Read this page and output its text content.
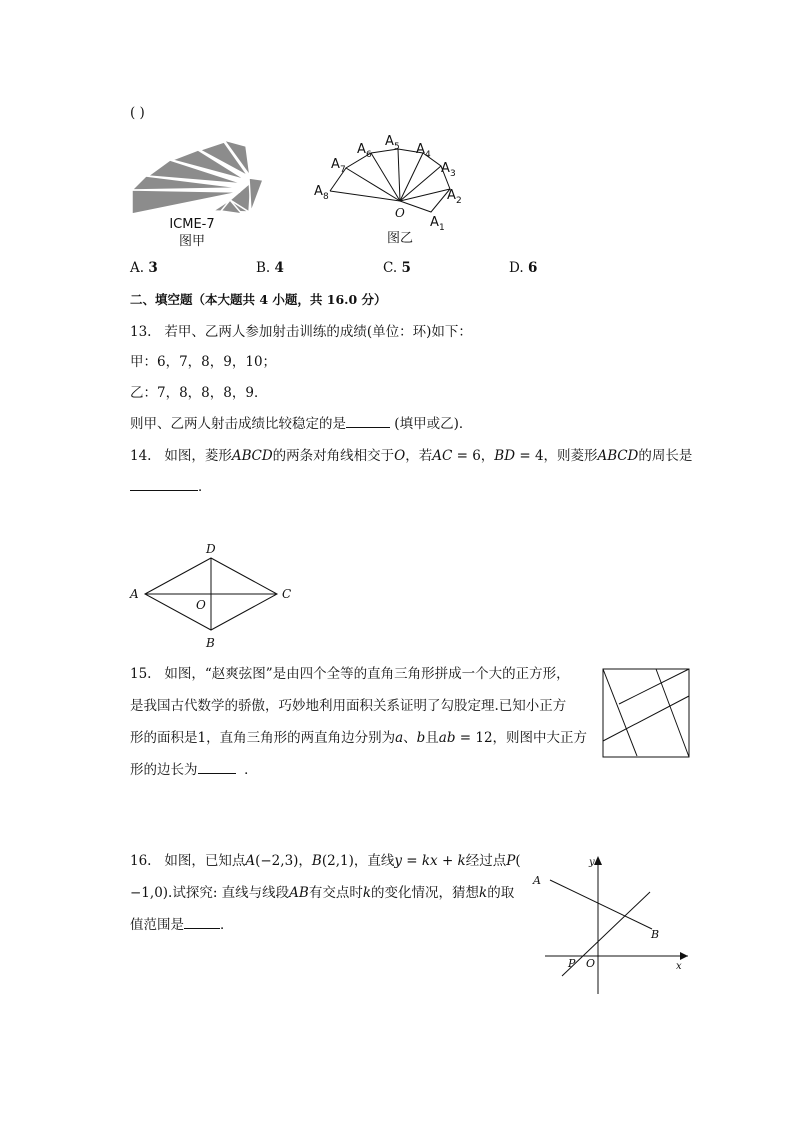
( )
ICME-7
图甲
O
A 1
A 2
A 3
A 4
A 5
A 6
A 7
A 8
图乙
A. 3	B. 4	C. 5	D. 6
二、填空题（本大题共 4 小题，共 16.0 分）
13. 若甲、乙两人参加射击训练的成绩(单位：环)如下：
甲：6，7，8，9，10；
乙：7，8，8，8，9．
则甲、乙两人射击成绩比较稳定的是	(填甲或乙)．
14. 如图，菱形𝐴𝐵𝐶𝐷的两条对角线相交于𝑂，若𝐴𝐶 = 6，𝐵𝐷 = 4，则菱形𝐴𝐵𝐶𝐷的周长是
．
A
D
C
B
O
15. 如图，“赵爽弦图”是由四个全等的直角三角形拼成一个大的正方形，
是我国古代数学的骄傲，巧妙地利用面积关系证明了勾股定理.已知小正方
形的面积是1，直角三角形的两直角边分别为𝑎、𝑏且𝑎𝑏 = 12，则图中大正方
形的边长为	．
16. 如图，已知点𝐴(−2,3)，𝐵(2,1)，直线𝑦 = 𝑘𝑥 + 𝑘经过点𝑃(
−1,0).试探究: 直线与线段𝐴𝐵有交点时𝑘的变化情况，猜想𝑘的取
值范围是	．
y
x
A
B
P O
